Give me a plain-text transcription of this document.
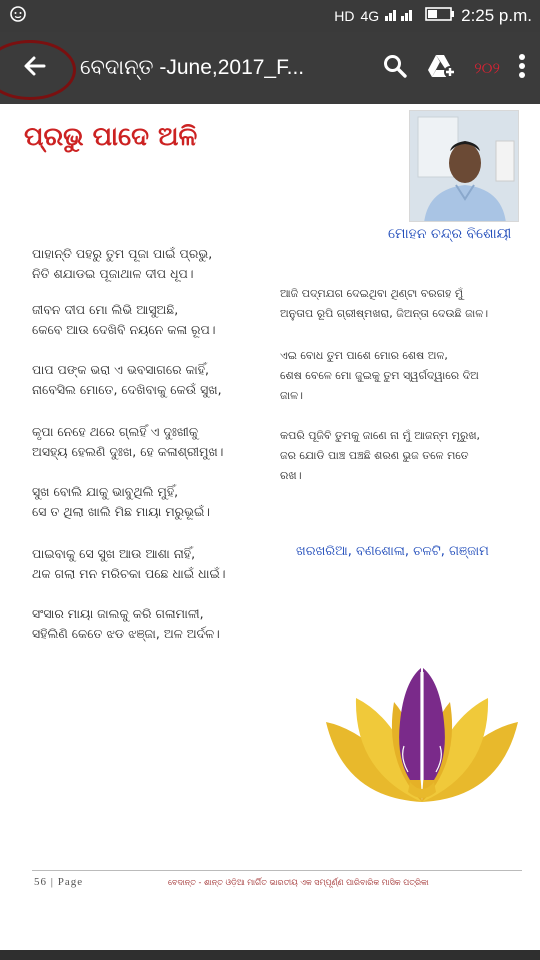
HD 4G	2:25 p.m.
ବେଦାନ୍ତ -June,2017_F...	୨୦୨
ପ୍ରଭୁ ପାଦେ ଅଳି
ମୋହନ ଚନ୍ଦ୍ର ବିଶୋୟୀ
ପାହାନ୍ତି ପହରୁ ତୁମ ପୂଜା ପାଇଁ ପ୍ରଭୁ,
ନିତି ଶଯାଡଇ ପୂଜାଥାଳ ଦୀପ ଧୂପ।
ଜୀବନ ଦୀପ ମୋ ଲିଭି ଆସୁଅଛି,
କେବେ ଆଉ ଦେଖିବି ନୟନେ କଳା ରୂପ।
ପାପ ପଙ୍କ ଭରା ଏ ଭବସାଗରେ କାହିଁ,
ନାବେସିଲ ମୋତେ, ଦେଖିବାକୁ କେଉଁ ସୁଖ,
କୃପା ନେହେ ଥରେ ଗ୍ଲହିଁ ଏ ଦୁଃଖୀକୁ
ଅସହ୍ୟ ହେଲଣି ଦୁଃଖ, ହେ କଳାଶ୍ରୀମୁଖ।
ସୁଖ ବୋଲି ଯାକୁ ଭାବୁଥିଲି ମୁହିଁ,
ସେ ତ ଥିଲା ଖାଲି ମିଛ ମାୟା ମରୁଭୂଇଁ।
ପାଇବାକୁ ସେ ସୁଖ ଆଉ ଆଶା ନାହିଁ,
ଥକ ଗଲା ମନ ମରିଚକା ପଛେ ଧାଇଁ ଧାଇଁ।
ସଂସାର ମାୟା ଜାଲକୁ କରି ଗଳାମାଳୀ,
ସହିଲିଣି କେତେ ଝଡ ଝଞ୍ଜା, ଅଳ ଅର୍ଦଳ।
ଆଜି ପଦ୍ମଯଗ ଦେଇଥିବା ଥିଣ୍ଟା ବରଗହ ମୁଁ
ଅନୁତାପ ରୂପି ଗ୍ରୀଷ୍ମଖରା, ଜିଅନ୍ତା ଦେଉଛି ଜାଳ।
ଏଇ ବୋଧ ତୁମ ପାଶେ ମୋର ଶେଷ ଅଳ,
ଶେଷ ବେଳେ ମୋ ଜୁଇକୁ ତୁମ ସ୍ୱର୍ଗଦ୍ୱାରେ ଦିଅ
ଜାଳ।
କପରି ପୂଜିବି ତୁମକୁ ଜାଣେ ନା ମୁଁ ଆଜନ୍ମ ମୂରୁଖ,
ଜର ଯୋଡି ପାଞ୍ଚ ପଞ୍ଚଛି ଶରଣ ଭୁଜ ତଳେ ମତେ
ରଖ।
ଖରଖରିଆ, ବଣଶୋଳା, ଚଳଟି, ଗଞ୍ଜାମ
56 | Page	ବେଦାନ୍ତ - ଶାନ୍ତ ଓଡ଼ିଆ ମାର୍ଗିତ ଭାରତୀୟ ଏକ ସମ୍ପୂର୍ଣ୍ଣ ପାରିବାରିକ ମାସିକ ପତ୍ରିକା
